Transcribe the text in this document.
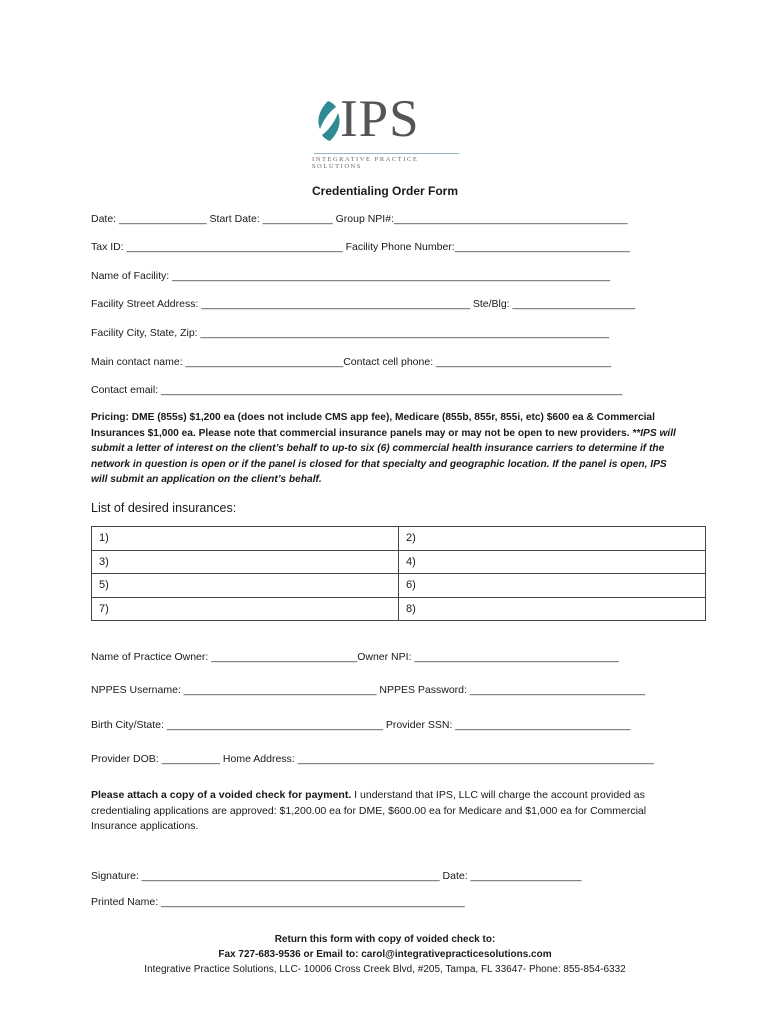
IPS
INTEGRATIVE PRACTICE SOLUTIONS
Credentialing Order Form
Date: _______________ Start Date: ____________ Group NPI#:________________________________________
Tax ID: _____________________________________ Facility Phone Number:______________________________
Name of Facility: ___________________________________________________________________________
Facility Street Address: ______________________________________________ Ste/Blg: _____________________
Facility City, State, Zip: ______________________________________________________________________
Main contact name: ___________________________Contact cell phone: ______________________________
Contact email: _______________________________________________________________________________
Pricing: DME (855s) $1,200 ea (does not include CMS app fee), Medicare (855b, 855r, 855i, etc) $600 ea & Commercial Insurances $1,000 ea. Please note that commercial insurance panels may or may not be open to new providers. **IPS will submit a letter of interest on the client’s behalf to up-to six (6) commercial health insurance carriers to determine if the network in question is open or if the panel is closed for that specialty and geographic location. If the panel is open, IPS will submit an application on the client’s behalf.
List of desired insurances:
1)	2)
3)	4)
5)	6)
7)	8)
Name of Practice Owner: _________________________Owner NPI: ___________________________________
NPPES Username: _________________________________ NPPES Password: ______________________________
Birth City/State: _____________________________________ Provider SSN: ______________________________
Provider DOB: __________ Home Address: _____________________________________________________________
Please attach a copy of a voided check for payment. I understand that IPS, LLC will charge the account provided as credentialing applications are approved: $1,200.00 ea for DME, $600.00 ea for Medicare and $1,000 ea for Commercial Insurance applications.
Signature: ___________________________________________________ Date: ___________________
Printed Name: ____________________________________________________
Return this form with copy of voided check to:
Fax 727-683-9536 or Email to: carol@integrativepracticesolutions.com
Integrative Practice Solutions, LLC- 10006 Cross Creek Blvd, #205, Tampa, FL 33647- Phone: 855-854-6332
